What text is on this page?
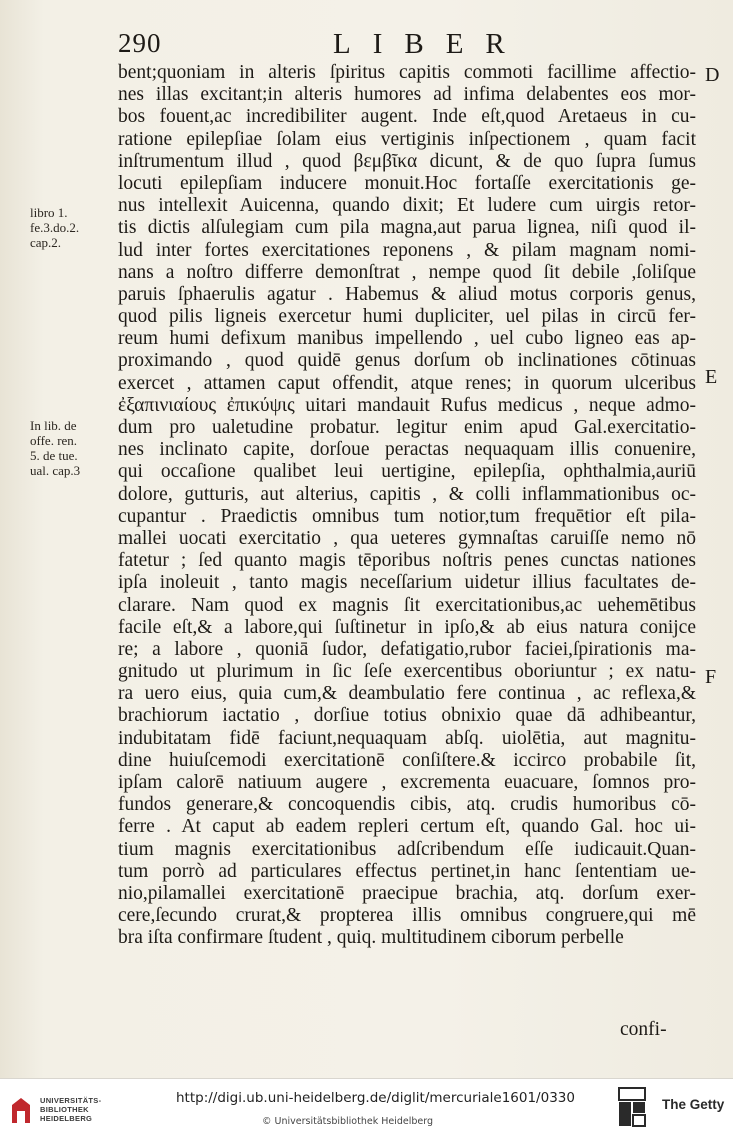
290	LIBER
bent;quoniam in alteris ſpiritus capitis commoti facillime affectio-
nes illas excitant;in alteris humores ad infima delabentes eos mor-
bos fouent,ac incredibiliter augent. Inde eſt,quod Aretaeus in cu-
ratione epilepſiae ſolam eius vertiginis inſpectionem , quam facit
inſtrumentum illud , quod βεμβῖκα dicunt, & de quo ſupra ſumus
locuti epilepſiam inducere monuit.Hoc fortaſſe exercitationis ge-
nus intellexit Auicenna, quando dixit; Et ludere cum uirgis retor-
tis dictis alſulegiam cum pila magna,aut parua lignea, niſi quod il-
lud inter fortes exercitationes reponens , & pilam magnam nomi-
nans a noſtro differre demonſtrat , nempe quod ſit debile ,ſoliſque
paruis ſphaerulis agatur . Habemus & aliud motus corporis genus,
quod pilis ligneis exercetur humi dupliciter, uel pilas in circū fer-
reum humi defixum manibus impellendo , uel cubo ligneo eas ap-
proximando , quod quidē genus dorſum ob inclinationes cōtinuas
exercet , attamen caput offendit, atque renes; in quorum ulceribus
ἐξαπινιαίους ἐπικύψις uitari mandauit Rufus medicus , neque admo-
dum pro ualetudine probatur. legitur enim apud Gal.exercitatio-
nes inclinato capite, dorſoue peractas nequaquam illis conuenire,
qui occaſione qualibet leui uertigine, epilepſia, ophthalmia,auriū
dolore, gutturis, aut alterius, capitis , & colli inflammationibus oc-
cupantur . Praedictis omnibus tum notior,tum frequētior eſt pila-
mallei uocati exercitatio , qua ueteres gymnaſtas caruiſſe nemo nō
fatetur ; ſed quanto magis tēporibus noſtris penes cunctas nationes
ipſa inoleuit , tanto magis neceſſarium uidetur illius facultates de-
clarare. Nam quod ex magnis ſit exercitationibus,ac uehemētibus
facile eſt,& a labore,qui ſuſtinetur in ipſo,& ab eius natura conijce
re; a labore , quoniā ſudor, defatigatio,rubor faciei,ſpirationis ma-
gnitudo ut plurimum in ſic ſeſe exercentibus oboriuntur ; ex natu-
ra uero eius, quia cum,& deambulatio fere continua , ac reflexa,&
brachiorum iactatio , dorſiue totius obnixio quae dā adhibeantur,
indubitatam fidē faciunt,nequaquam abſq. uiolētia, aut magnitu-
dine huiuſcemodi exercitationē conſiſtere.& iccirco probabile ſit,
ipſam calorē natiuum augere , excrementa euacuare, ſomnos pro-
fundos generare,& concoquendis cibis, atq. crudis humoribus cō-
ferre . At caput ab eadem repleri certum eſt, quando Gal. hoc ui-
tium magnis exercitationibus adſcribendum eſſe iudicauit.Quan-
tum porrò ad particulares effectus pertinet,in hanc ſententiam ue-
nio,pilamallei exercitationē praecipue brachia, atq. dorſum exer-
cere,ſecundo crurat,& propterea illis omnibus congruere,qui mē
bra iſta confirmare ſtudent , quiq. multitudinem ciborum perbelle
confi-
libro 1.
fe.3.do.2.
cap.2.
In lib. de
offe. ren.
5. de tue.
ual. cap.3
D
E
F
UNIVERSITÄTS-
BIBLIOTHEK
HEIDELBERG
http://digi.ub.uni-heidelberg.de/diglit/mercuriale1601/0330
© Universitätsbibliothek Heidelberg
The Getty
